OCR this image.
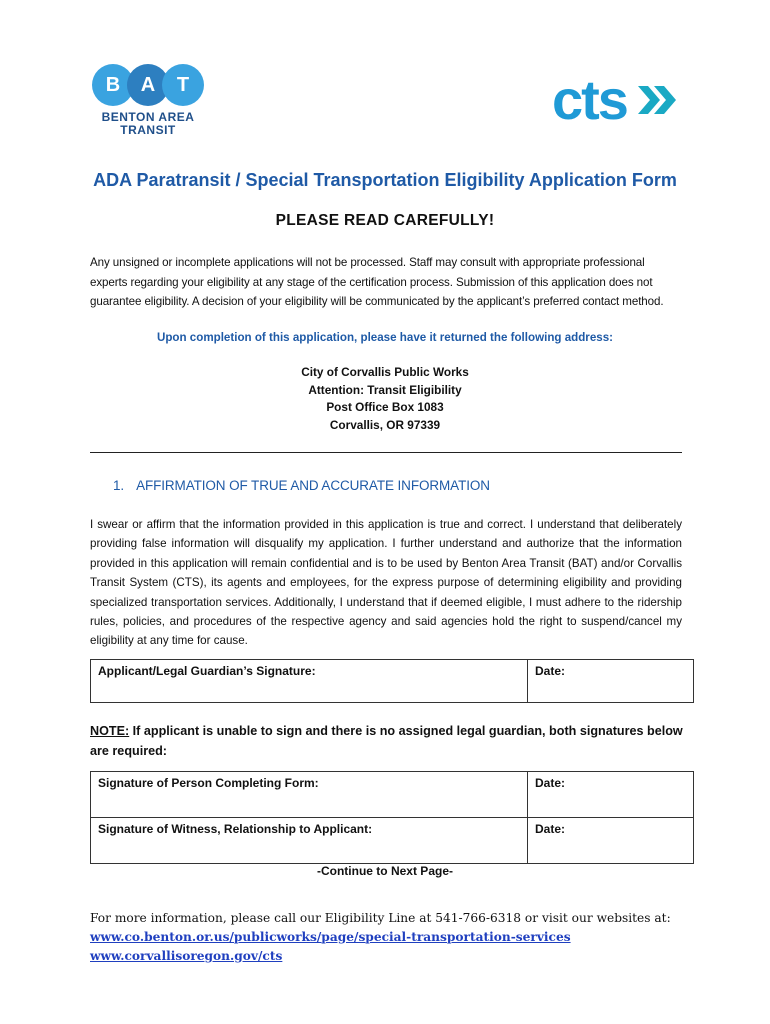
B	A	T
BENTON AREA
TRANSIT	cts
ADA Paratransit / Special Transportation Eligibility Application Form
PLEASE READ CAREFULLY!
Any unsigned or incomplete applications will not be processed. Staff may consult with appropriate professional experts regarding your eligibility at any stage of the certification process. Submission of this application does not guarantee eligibility. A decision of your eligibility will be communicated by the applicant’s preferred contact method.
Upon completion of this application, please have it returned the following address:
City of Corvallis Public Works
Attention: Transit Eligibility
Post Office Box 1083
Corvallis, OR 97339
1. AFFIRMATION OF TRUE AND ACCURATE INFORMATION
I swear or affirm that the information provided in this application is true and correct. I understand that deliberately providing false information will disqualify my application. I further understand and authorize that the information provided in this application will remain confidential and is to be used by Benton Area Transit (BAT) and/or Corvallis Transit System (CTS), its agents and employees, for the express purpose of determining eligibility and providing specialized transportation services. Additionally, I understand that if deemed eligible, I must adhere to the ridership rules, policies, and procedures of the respective agency and said agencies hold the right to suspend/cancel my eligibility at any time for cause.
Applicant/Legal Guardian’s Signature:	Date:
NOTE: If applicant is unable to sign and there is no assigned legal guardian, both signatures below are required:
Signature of Person Completing Form:	Date:
Signature of Witness, Relationship to Applicant:	Date:
-Continue to Next Page-
For more information, please call our Eligibility Line at 541-766-6318 or visit our websites at:
www.co.benton.or.us/publicworks/page/special-transportation-services
www.corvallisoregon.gov/cts
